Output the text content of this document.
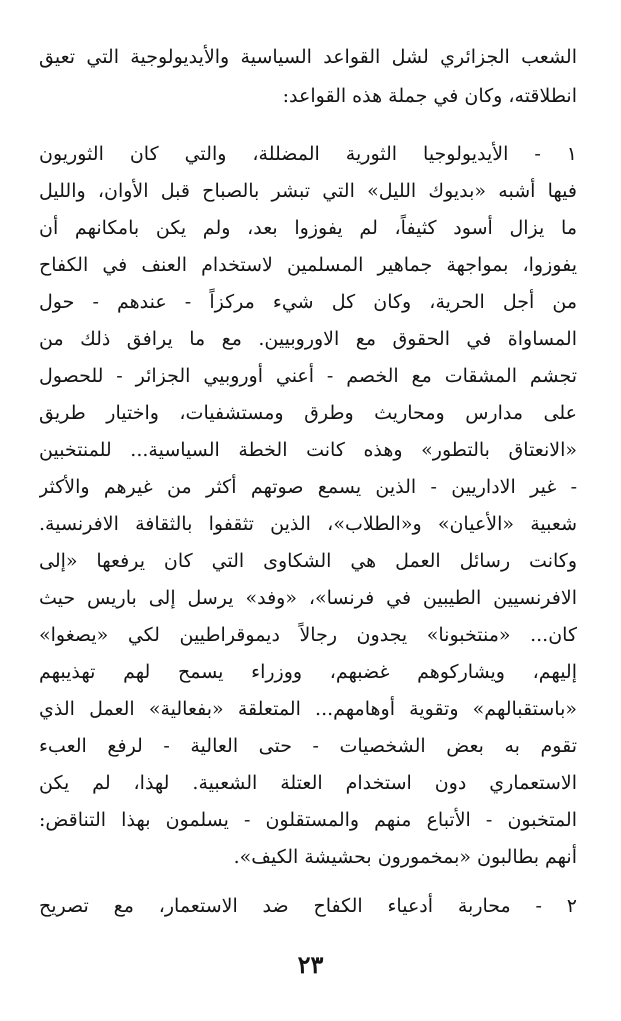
الشعب الجزائري لشل القواعد السياسية والأيديولوجية التي تعيق
انطلاقته، وكان في جملة هذه القواعد:
١ - الأيديولوجيا الثورية المضللة، والتي كان الثوريون
فيها أشبه «بديوك الليل» التي تبشر بالصباح قبل الأوان، والليل
ما يزال أسود كثيفاً، لم يفوزوا بعد، ولم يكن بامكانهم أن
يفوزوا، بمواجهة جماهير المسلمين لاستخدام العنف في الكفاح
من أجل الحرية، وكان كل شيء مركزاً - عندهم - حول
المساواة في الحقوق مع الاوروبيين. مع ما يرافق ذلك من
تجشم المشقات مع الخصم - أعني أوروبيي الجزائر - للحصول
على مدارس ومحاريث وطرق ومستشفيات، واختيار طريق
«الانعتاق بالتطور» وهذه كانت الخطة السياسية... للمنتخبين
- غير الاداريين - الذين يسمع صوتهم أكثر من غيرهم والأكثر
شعبية «الأعيان» و«الطلاب»، الذين تثقفوا بالثقافة الافرنسية.
وكانت رسائل العمل هي الشكاوى التي كان يرفعها «إلى
الافرنسيين الطيبين في فرنسا»، «وفد» يرسل إلى باريس حيث
كان... «منتخبونا» يجدون رجالاً ديموقراطيين لكي «يصغوا»
إليهم، ويشاركوهم غضبهم، ووزراء يسمح لهم تهذيبهم
«باستقبالهم» وتقوية أوهامهم... المتعلقة «بفعالية» العمل الذي
تقوم به بعض الشخصيات - حتى العالية - لرفع العبء
الاستعماري دون استخدام العتلة الشعبية. لهذا، لم يكن
المتخبون - الأتباع منهم والمستقلون - يسلمون بهذا التناقض:
أنهم بطالبون «بمخمورون بحشيشة الكيف».
٢ - محاربة أدعياء الكفاح ضد الاستعمار، مع تصريح
٢٣
